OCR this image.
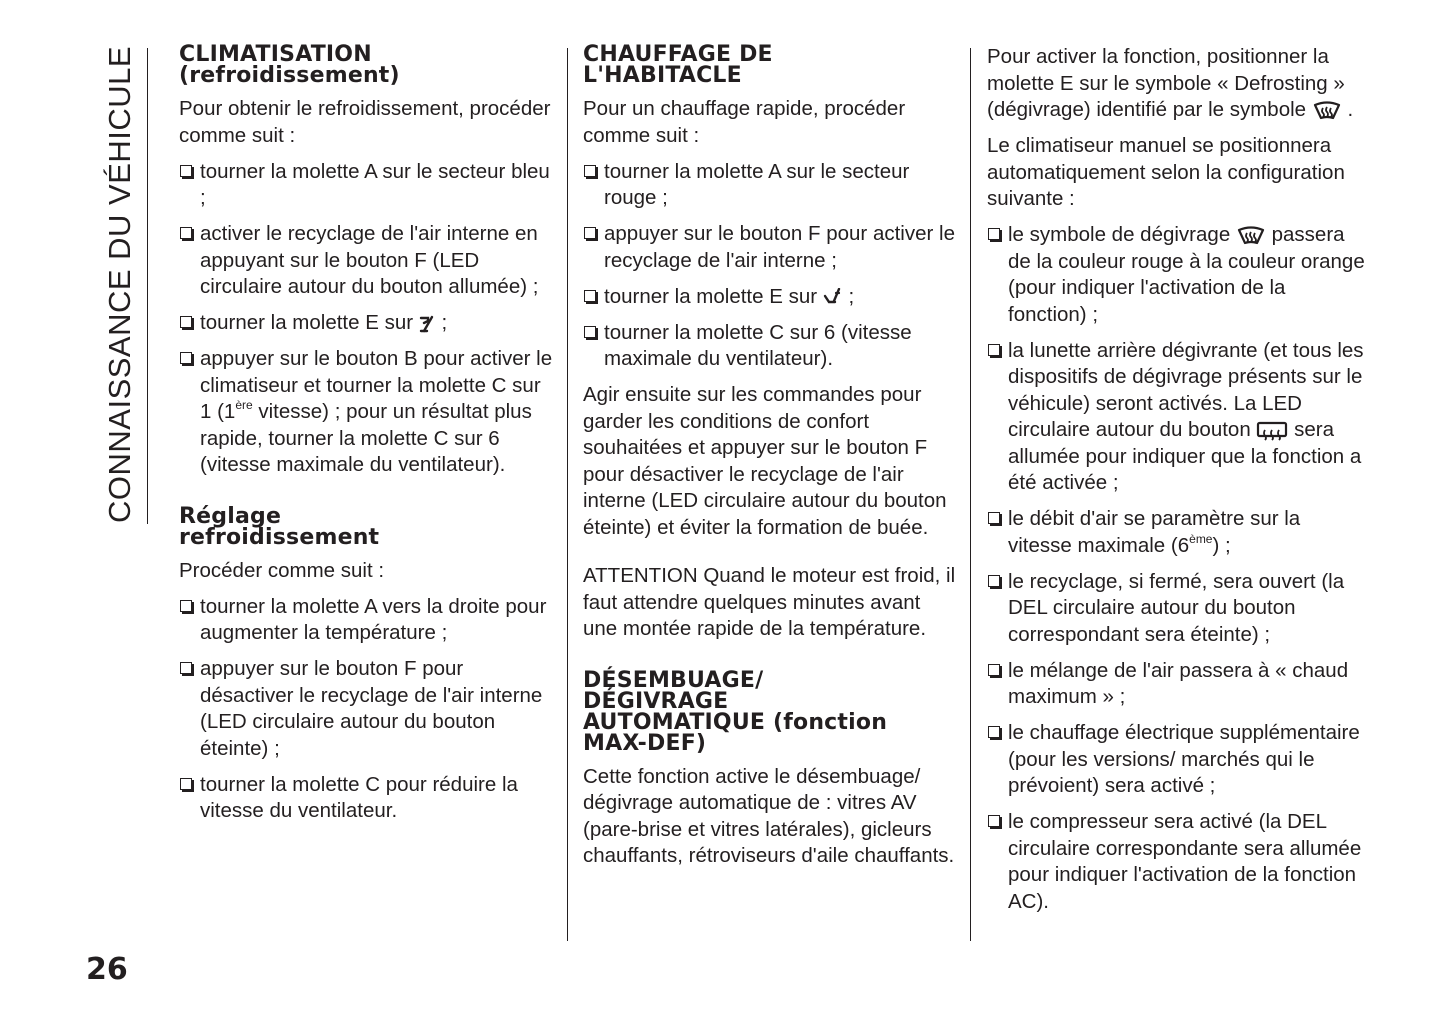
CONNAISSANCE DU VÉHICULE
26
CLIMATISATION
(refroidissement)

Pour obtenir le refroidissement, procéder comme suit :

tourner la molette A sur le secteur bleu ;
activer le recyclage de l'air interne en appuyant sur le bouton F (LED circulaire autour du bouton allumée) ;
tourner la molette E sur  ;
appuyer sur le bouton B pour activer le climatiseur et tourner la molette C sur 1 (1ère vitesse) ; pour un résultat plus rapide, tourner la molette C sur 6 (vitesse maximale du ventilateur).
Réglage
refroidissement

Procéder comme suit :

tourner la molette A vers la droite pour augmenter la température ;
appuyer sur le bouton F pour désactiver le recyclage de l'air interne (LED circulaire autour du bouton éteinte) ;
tourner la molette C pour réduire la vitesse du ventilateur.
CHAUFFAGE DE
L'HABITACLE

Pour un chauffage rapide, procéder comme suit :

tourner la molette A sur le secteur rouge ;
appuyer sur le bouton F pour activer le recyclage de l'air interne ;
tourner la molette E sur  ;
tourner la molette C sur 6 (vitesse maximale du ventilateur).

Agir ensuite sur les commandes pour garder les conditions de confort souhaitées et appuyer sur le bouton F pour désactiver le recyclage de l'air interne (LED circulaire autour du bouton éteinte) et éviter la formation de buée.

ATTENTION Quand le moteur est froid, il faut attendre quelques minutes avant une montée rapide de la température.

DÉSEMBUAGE/
DÉGIVRAGE
AUTOMATIQUE (fonction
MAX-DEF)

Cette fonction active le désembuage/ dégivrage automatique de : vitres AV (pare-brise et vitres latérales), gicleurs chauffants, rétroviseurs d'aile chauffants.

Pour activer la fonction, positionner la molette E sur le symbole « Defrosting » (dégivrage) identifié par le symbole  .

Le climatiseur manuel se positionnera automatiquement selon la configuration suivante :

le symbole de dégivrage  passera de la couleur rouge à la couleur orange (pour indiquer l'activation de la fonction) ;
la lunette arrière dégivrante (et tous les dispositifs de dégivrage présents sur le véhicule) seront activés. La LED circulaire autour du bouton  sera allumée pour indiquer que la fonction a été activée ;
le débit d'air se paramètre sur la vitesse maximale (6ème) ;
le recyclage, si fermé, sera ouvert (la DEL circulaire autour du bouton correspondant sera éteinte) ;
le mélange de l'air passera à « chaud maximum » ;
le chauffage électrique supplémentaire (pour les versions/ marchés qui le prévoient) sera activé ;
le compresseur sera activé (la DEL circulaire correspondante sera allumée pour indiquer l'activation de la fonction AC).
